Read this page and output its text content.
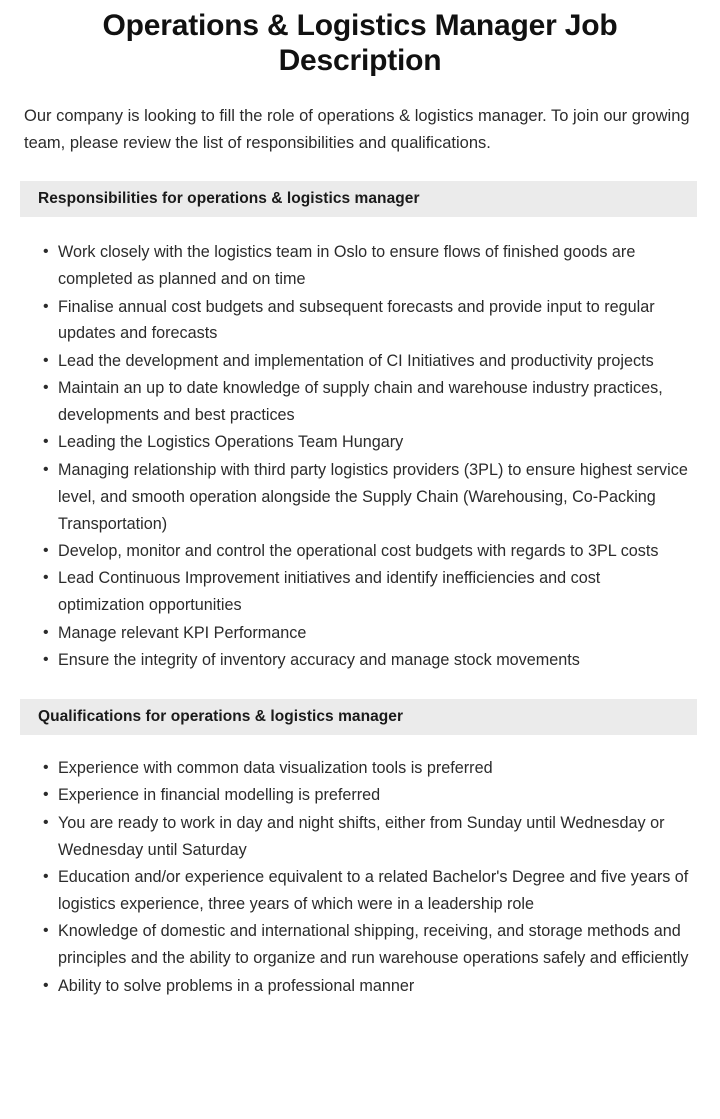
Operations & Logistics Manager Job Description

Our company is looking to fill the role of operations & logistics manager. To join our growing team, please review the list of responsibilities and qualifications.

Responsibilities for operations & logistics manager
• Work closely with the logistics team in Oslo to ensure flows of finished goods are completed as planned and on time
• Finalise annual cost budgets and subsequent forecasts and provide input to regular updates and forecasts
• Lead the development and implementation of CI Initiatives and productivity projects
• Maintain an up to date knowledge of supply chain and warehouse industry practices, developments and best practices
• Leading the Logistics Operations Team Hungary
• Managing relationship with third party logistics providers (3PL) to ensure highest service level, and smooth operation alongside the Supply Chain (Warehousing, Co-Packing Transportation)
• Develop, monitor and control the operational cost budgets with regards to 3PL costs
• Lead Continuous Improvement initiatives and identify inefficiencies and cost optimization opportunities
• Manage relevant KPI Performance
• Ensure the integrity of inventory accuracy and manage stock movements
Qualifications for operations & logistics manager
• Experience with common data visualization tools is preferred
• Experience in financial modelling is preferred
• You are ready to work in day and night shifts, either from Sunday until Wednesday or Wednesday until Saturday
• Education and/or experience equivalent to a related Bachelor's Degree and five years of logistics experience, three years of which were in a leadership role
• Knowledge of domestic and international shipping, receiving, and storage methods and principles and the ability to organize and run warehouse operations safely and efficiently
• Ability to solve problems in a professional manner
